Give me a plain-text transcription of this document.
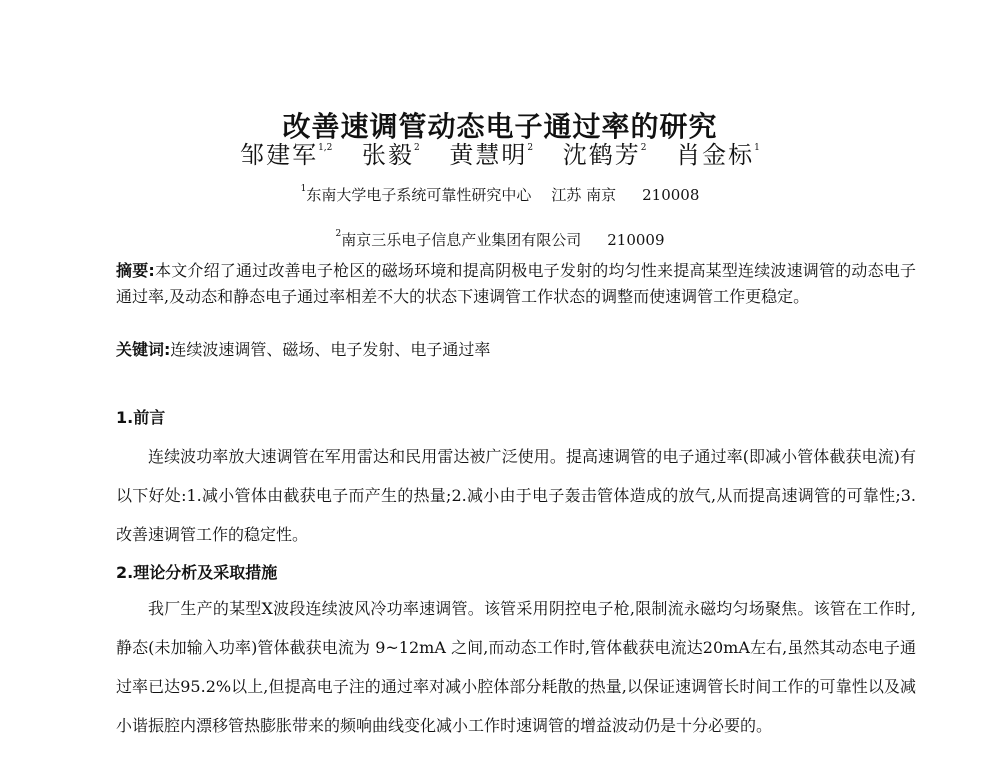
改善速调管动态电子通过率的研究
邹建军$^{1,2}$ 张毅$^2$ 黄慧明$^2$ 沈鹤芳$^2$ 肖金标$^1$
$^1$东南大学电子系统可靠性研究中心 江苏 南京 210008
$^2$南京三乐电子信息产业集团有限公司 210009

摘要:本文介绍了通过改善电子枪区的磁场环境和提高阴极电子发射的均匀性来提高某型连续波速调管的动态电子通过率,及动态和静态电子通过率相差不大的状态下速调管工作状态的调整而使速调管工作更稳定。

关键词:连续波速调管、磁场、电子发射、电子通过率

1.前言

连续波功率放大速调管在军用雷达和民用雷达被广泛使用。提高速调管的电子通过率(即减小管体截获电流)有以下好处:1.减小管体由截获电子而产生的热量;2.减小由于电子轰击管体造成的放气,从而提高速调管的可靠性;3.改善速调管工作的稳定性。

2.理论分析及采取措施

我厂生产的某型X波段连续波风冷功率速调管。该管采用阴控电子枪,限制流永磁均匀场聚焦。该管在工作时,静态(未加输入功率)管体截获电流为 9~12mA 之间,而动态工作时,管体截获电流达20mA左右,虽然其动态电子通过率已达95.2%以上,但提高电子注的通过率对减小腔体部分耗散的热量,以保证速调管长时间工作的可靠性以及减小谐振腔内漂移管热膨胀带来的频响曲线变化减小工作时速调管的增益波动仍是十分必要的。
